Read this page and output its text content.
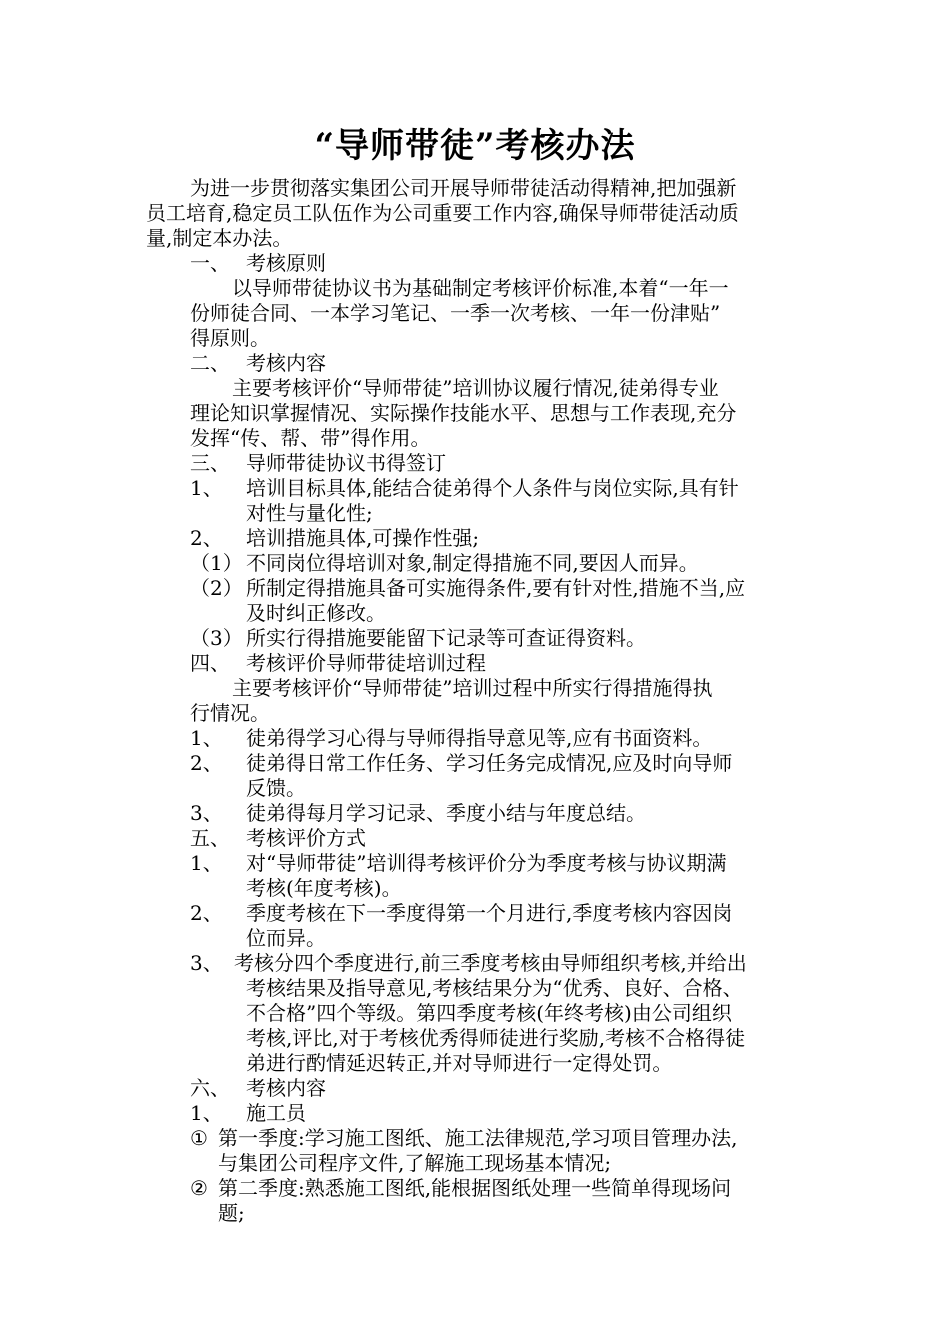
“导师带徒”考核办法
为进一步贯彻落实集团公司开展导师带徒活动得精神,把加强新
员工培育,稳定员工队伍作为公司重要工作内容,确保导师带徒活动质
量,制定本办法。
一、 考核原则
以导师带徒协议书为基础制定考核评价标准,本着“一年一
份师徒合同、一本学习笔记、一季一次考核、一年一份津贴”
得原则。
二、 考核内容
主要考核评价“导师带徒”培训协议履行情况,徒弟得专业
理论知识掌握情况、实际操作技能水平、思想与工作表现,充分
发挥“传、帮、带”得作用。
三、 导师带徒协议书得签订
1、 培训目标具体,能结合徒弟得个人条件与岗位实际,具有针
对性与量化性;
2、 培训措施具体,可操作性强;
（1） 不同岗位得培训对象,制定得措施不同,要因人而异。
（2） 所制定得措施具备可实施得条件,要有针对性,措施不当,应
及时纠正修改。
（3） 所实行得措施要能留下记录等可查证得资料。
四、 考核评价导师带徒培训过程
主要考核评价“导师带徒”培训过程中所实行得措施得执
行情况。
1、 徒弟得学习心得与导师得指导意见等,应有书面资料。
2、 徒弟得日常工作任务、学习任务完成情况,应及时向导师
反馈。
3、 徒弟得每月学习记录、季度小结与年度总结。
五、 考核评价方式
1、 对“导师带徒”培训得考核评价分为季度考核与协议期满
考核(年度考核)。
2、 季度考核在下一季度得第一个月进行,季度考核内容因岗
位而异。
3、 考核分四个季度进行,前三季度考核由导师组织考核,并给出
考核结果及指导意见,考核结果分为“优秀、良好、合格、
不合格”四个等级。第四季度考核(年终考核)由公司组织
考核,评比,对于考核优秀得师徒进行奖励,考核不合格得徒
弟进行酌情延迟转正,并对导师进行一定得处罚。
六、 考核内容
1、 施工员
① 第一季度:学习施工图纸、施工法律规范,学习项目管理办法,
与集团公司程序文件,了解施工现场基本情况;
② 第二季度:熟悉施工图纸,能根据图纸处理一些简单得现场问
题;
